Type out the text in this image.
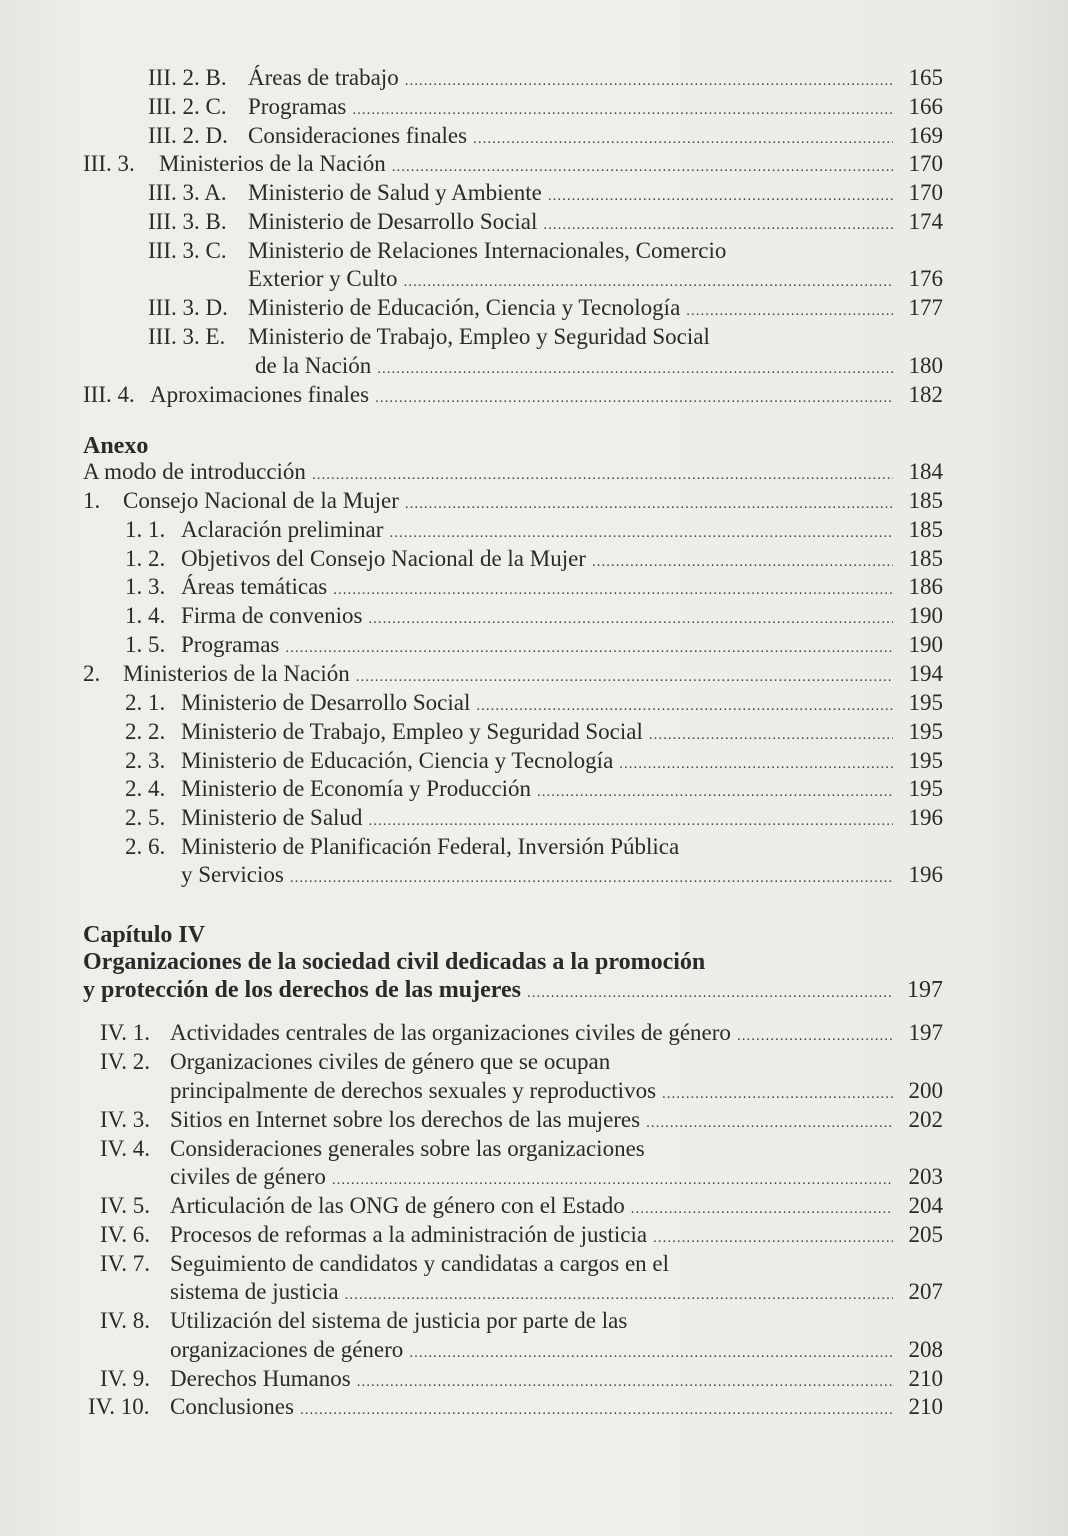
III. 2. B. Áreas de trabajo .....	165
III. 2. C. Programas .....	166
III. 2. D. Consideraciones finales .....	169
III. 3.	Ministerios de la Nación .....	170
III. 3. A. Ministerio de Salud y Ambiente .....	170
III. 3. B. Ministerio de Desarrollo Social .....	174
III. 3. C. Ministerio de Relaciones Internacionales, Comercio
Exterior y Culto .....	176
III. 3. D. Ministerio de Educación, Ciencia y Tecnología .....	177
III. 3. E. Ministerio de Trabajo, Empleo y Seguridad Social
de la Nación .....	180
III. 4. Aproximaciones finales .....	182
Anexo
A modo de introducción .....	184
1. Consejo Nacional de la Mujer .....	185
1. 1. Aclaración preliminar .....	185
1. 2. Objetivos del Consejo Nacional de la Mujer .....	185
1. 3. Áreas temáticas .....	186
1. 4. Firma de convenios .....	190
1. 5. Programas .....	190
2. Ministerios de la Nación .....	194
2. 1. Ministerio de Desarrollo Social .....	195
2. 2. Ministerio de Trabajo, Empleo y Seguridad Social .....	195
2. 3. Ministerio de Educación, Ciencia y Tecnología .....	195
2. 4. Ministerio de Economía y Producción .....	195
2. 5. Ministerio de Salud .....	196
2. 6. Ministerio de Planificación Federal, Inversión Pública
y Servicios .....	196
Capítulo IV
Organizaciones de la sociedad civil dedicadas a la promoción
y protección de los derechos de las mujeres .....	197
IV. 1. Actividades centrales de las organizaciones civiles de género .....	197
IV. 2. Organizaciones civiles de género que se ocupan
principalmente de derechos sexuales y reproductivos .....	200
IV. 3. Sitios en Internet sobre los derechos de las mujeres .....	202
IV. 4. Consideraciones generales sobre las organizaciones
civiles de género .....	203
IV. 5. Articulación de las ONG de género con el Estado .....	204
IV. 6. Procesos de reformas a la administración de justicia .....	205
IV. 7. Seguimiento de candidatos y candidatas a cargos en el
sistema de justicia .....	207
IV. 8. Utilización del sistema de justicia por parte de las
organizaciones de género .....	208
IV. 9. Derechos Humanos .....	210
IV. 10. Conclusiones .....	210
